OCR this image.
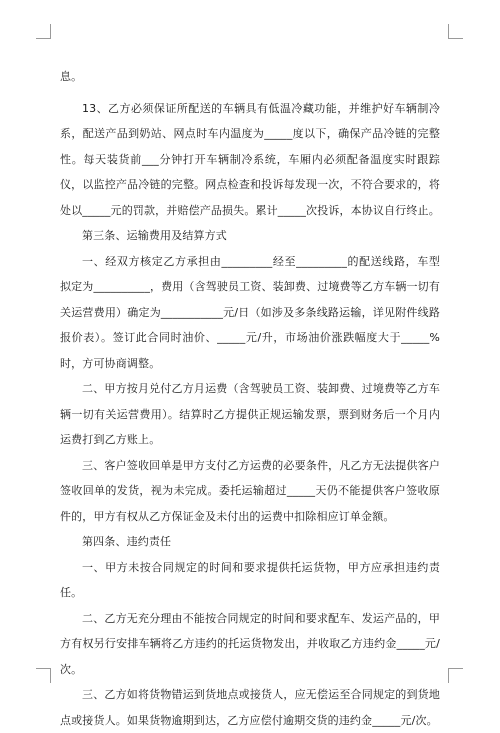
息。

13、乙方必须保证所配送的车辆具有低温冷藏功能，并维护好车辆制冷系，配送产品到奶站、网点时车内温度为_____度以下，确保产品冷链的完整性。每天装货前___分钟打开车辆制冷系统，车厢内必须配备温度实时跟踪仪，以监控产品冷链的完整。网点检查和投诉每发现一次，不符合要求的，将处以_____元的罚款，并赔偿产品损失。累计_____次投诉，本协议自行终止。

第三条、运输费用及结算方式

一、经双方核定乙方承担由_________经至_________的配送线路，车型拟定为__________，费用（含驾驶员工资、装卸费、过境费等乙方车辆一切有关运营费用）确定为___________元/日（如涉及多条线路运输，详见附件线路报价表）。签订此合同时油价、_____元/升，市场油价涨跌幅度大于_____%时，方可协商调整。

二、甲方按月兑付乙方月运费（含驾驶员工资、装卸费、过境费等乙方车辆一切有关运营费用）。结算时乙方提供正规运输发票，票到财务后一个月内运费打到乙方账上。

三、客户签收回单是甲方支付乙方运费的必要条件，凡乙方无法提供客户签收回单的发货，视为未完成。委托运输超过_____天仍不能提供客户签收原件的，甲方有权从乙方保证金及未付出的运费中扣除相应订单金额。

第四条、违约责任

一、甲方未按合同规定的时间和要求提供托运货物，甲方应承担违约责任。

二、乙方无充分理由不能按合同规定的时间和要求配车、发运产品的，甲方有权另行安排车辆将乙方违约的托运货物发出，并收取乙方违约金_____元/次。

三、乙方如将货物错运到货地点或接货人，应无偿运至合同规定的到货地点或接货人。如果货物逾期到达，乙方应偿付逾期交货的违约金_____元/次。
